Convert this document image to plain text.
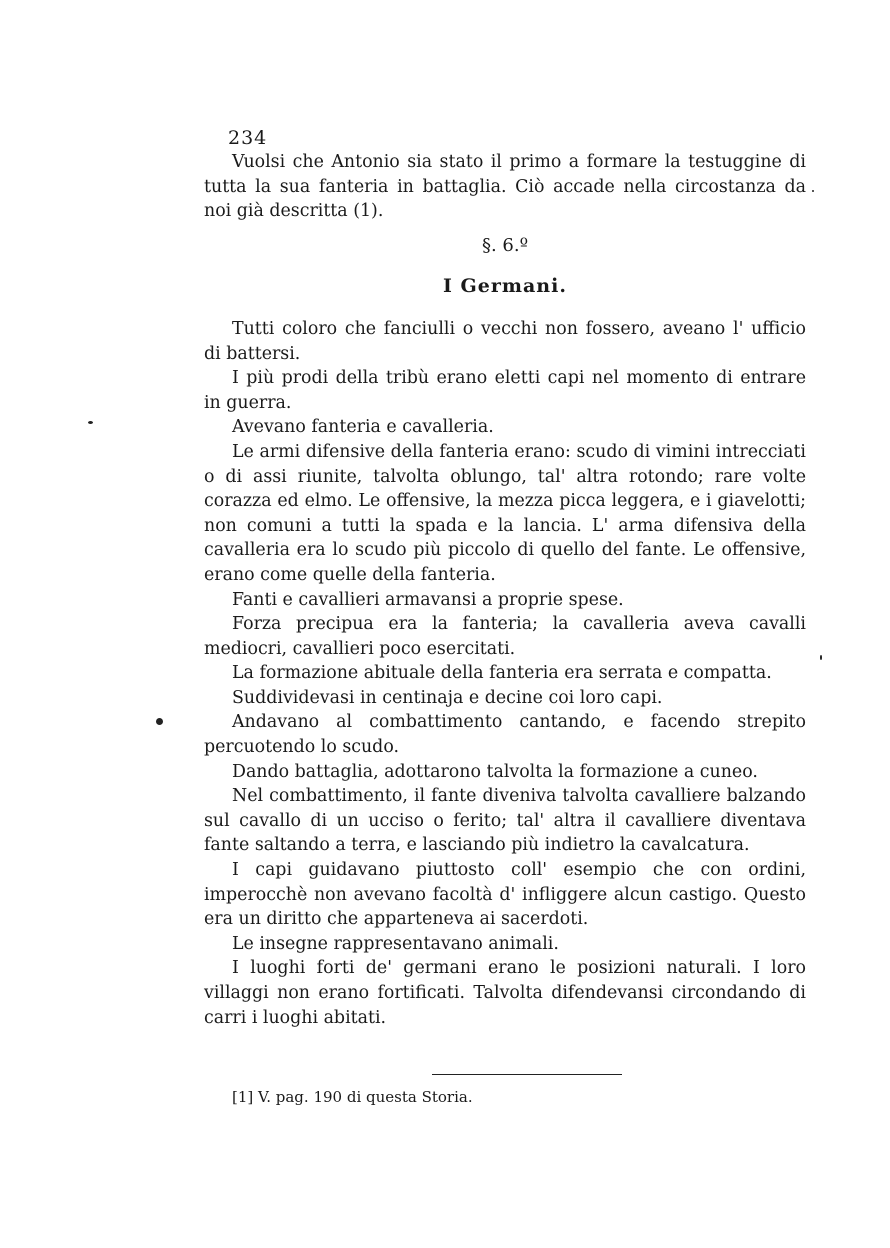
234

Vuolsi che Antonio sia stato il primo a formare la testuggine di tutta la sua fanteria in battaglia. Ciò accade nella circostanza da noi già descritta (1).

§. 6.º
I Germani.

Tutti coloro che fanciulli o vecchi non fossero, aveano l' ufficio di battersi.

I più prodi della tribù erano eletti capi nel momento di entrare in guerra.

Avevano fanteria e cavalleria.

Le armi difensive della fanteria erano: scudo di vimini intrecciati o di assi riunite, talvolta oblungo, tal' altra rotondo; rare volte corazza ed elmo. Le offensive, la mezza picca leggera, e i giavelotti; non comuni a tutti la spada e la lancia. L' arma difensiva della cavalleria era lo scudo più piccolo di quello del fante. Le offensive, erano come quelle della fanteria.

Fanti e cavallieri armavansi a proprie spese.

Forza precipua era la fanteria; la cavalleria aveva cavalli mediocri, cavallieri poco esercitati.

La formazione abituale della fanteria era serrata e compatta.

Suddividevasi in centinaja e decine coi loro capi.

Andavano al combattimento cantando, e facendo strepito percuotendo lo scudo.

Dando battaglia, adottarono talvolta la formazione a cuneo.

Nel combattimento, il fante diveniva talvolta cavalliere balzando sul cavallo di un ucciso o ferito; tal' altra il cavalliere diventava fante saltando a terra, e lasciando più indietro la cavalcatura.

I capi guidavano piuttosto coll' esempio che con ordini, imperocchè non avevano facoltà d' infliggere alcun castigo. Questo era un diritto che apparteneva ai sacerdoti.

Le insegne rappresentavano animali.

I luoghi forti de' germani erano le posizioni naturali. I loro villaggi non erano fortificati. Talvolta difendevansi circondando di carri i luoghi abitati.

[1] V. pag. 190 di questa Storia.
